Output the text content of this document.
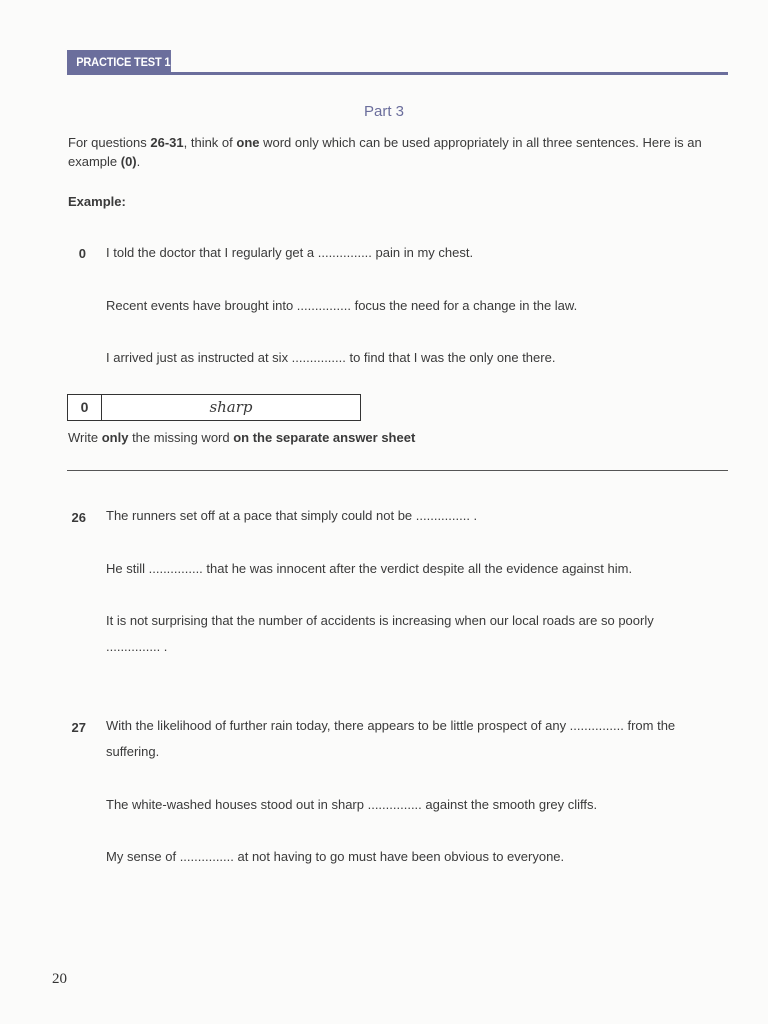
PRACTICE TEST 1
Part 3
For questions 26-31, think of one word only which can be used appropriately in all three sentences. Here is an example (0).
Example:
0 I told the doctor that I regularly get a ............... pain in my chest.
Recent events have brought into ............... focus the need for a change in the law.
I arrived just as instructed at six ............... to find that I was the only one there.
0	sharp
Write only the missing word on the separate answer sheet
26 The runners set off at a pace that simply could not be ............... .
He still ............... that he was innocent after the verdict despite all the evidence against him.
It is not surprising that the number of accidents is increasing when our local roads are so poorly ............... .
27 With the likelihood of further rain today, there appears to be little prospect of any ............... from the suffering.
The white-washed houses stood out in sharp ............... against the smooth grey cliffs.
My sense of ............... at not having to go must have been obvious to everyone.
20
